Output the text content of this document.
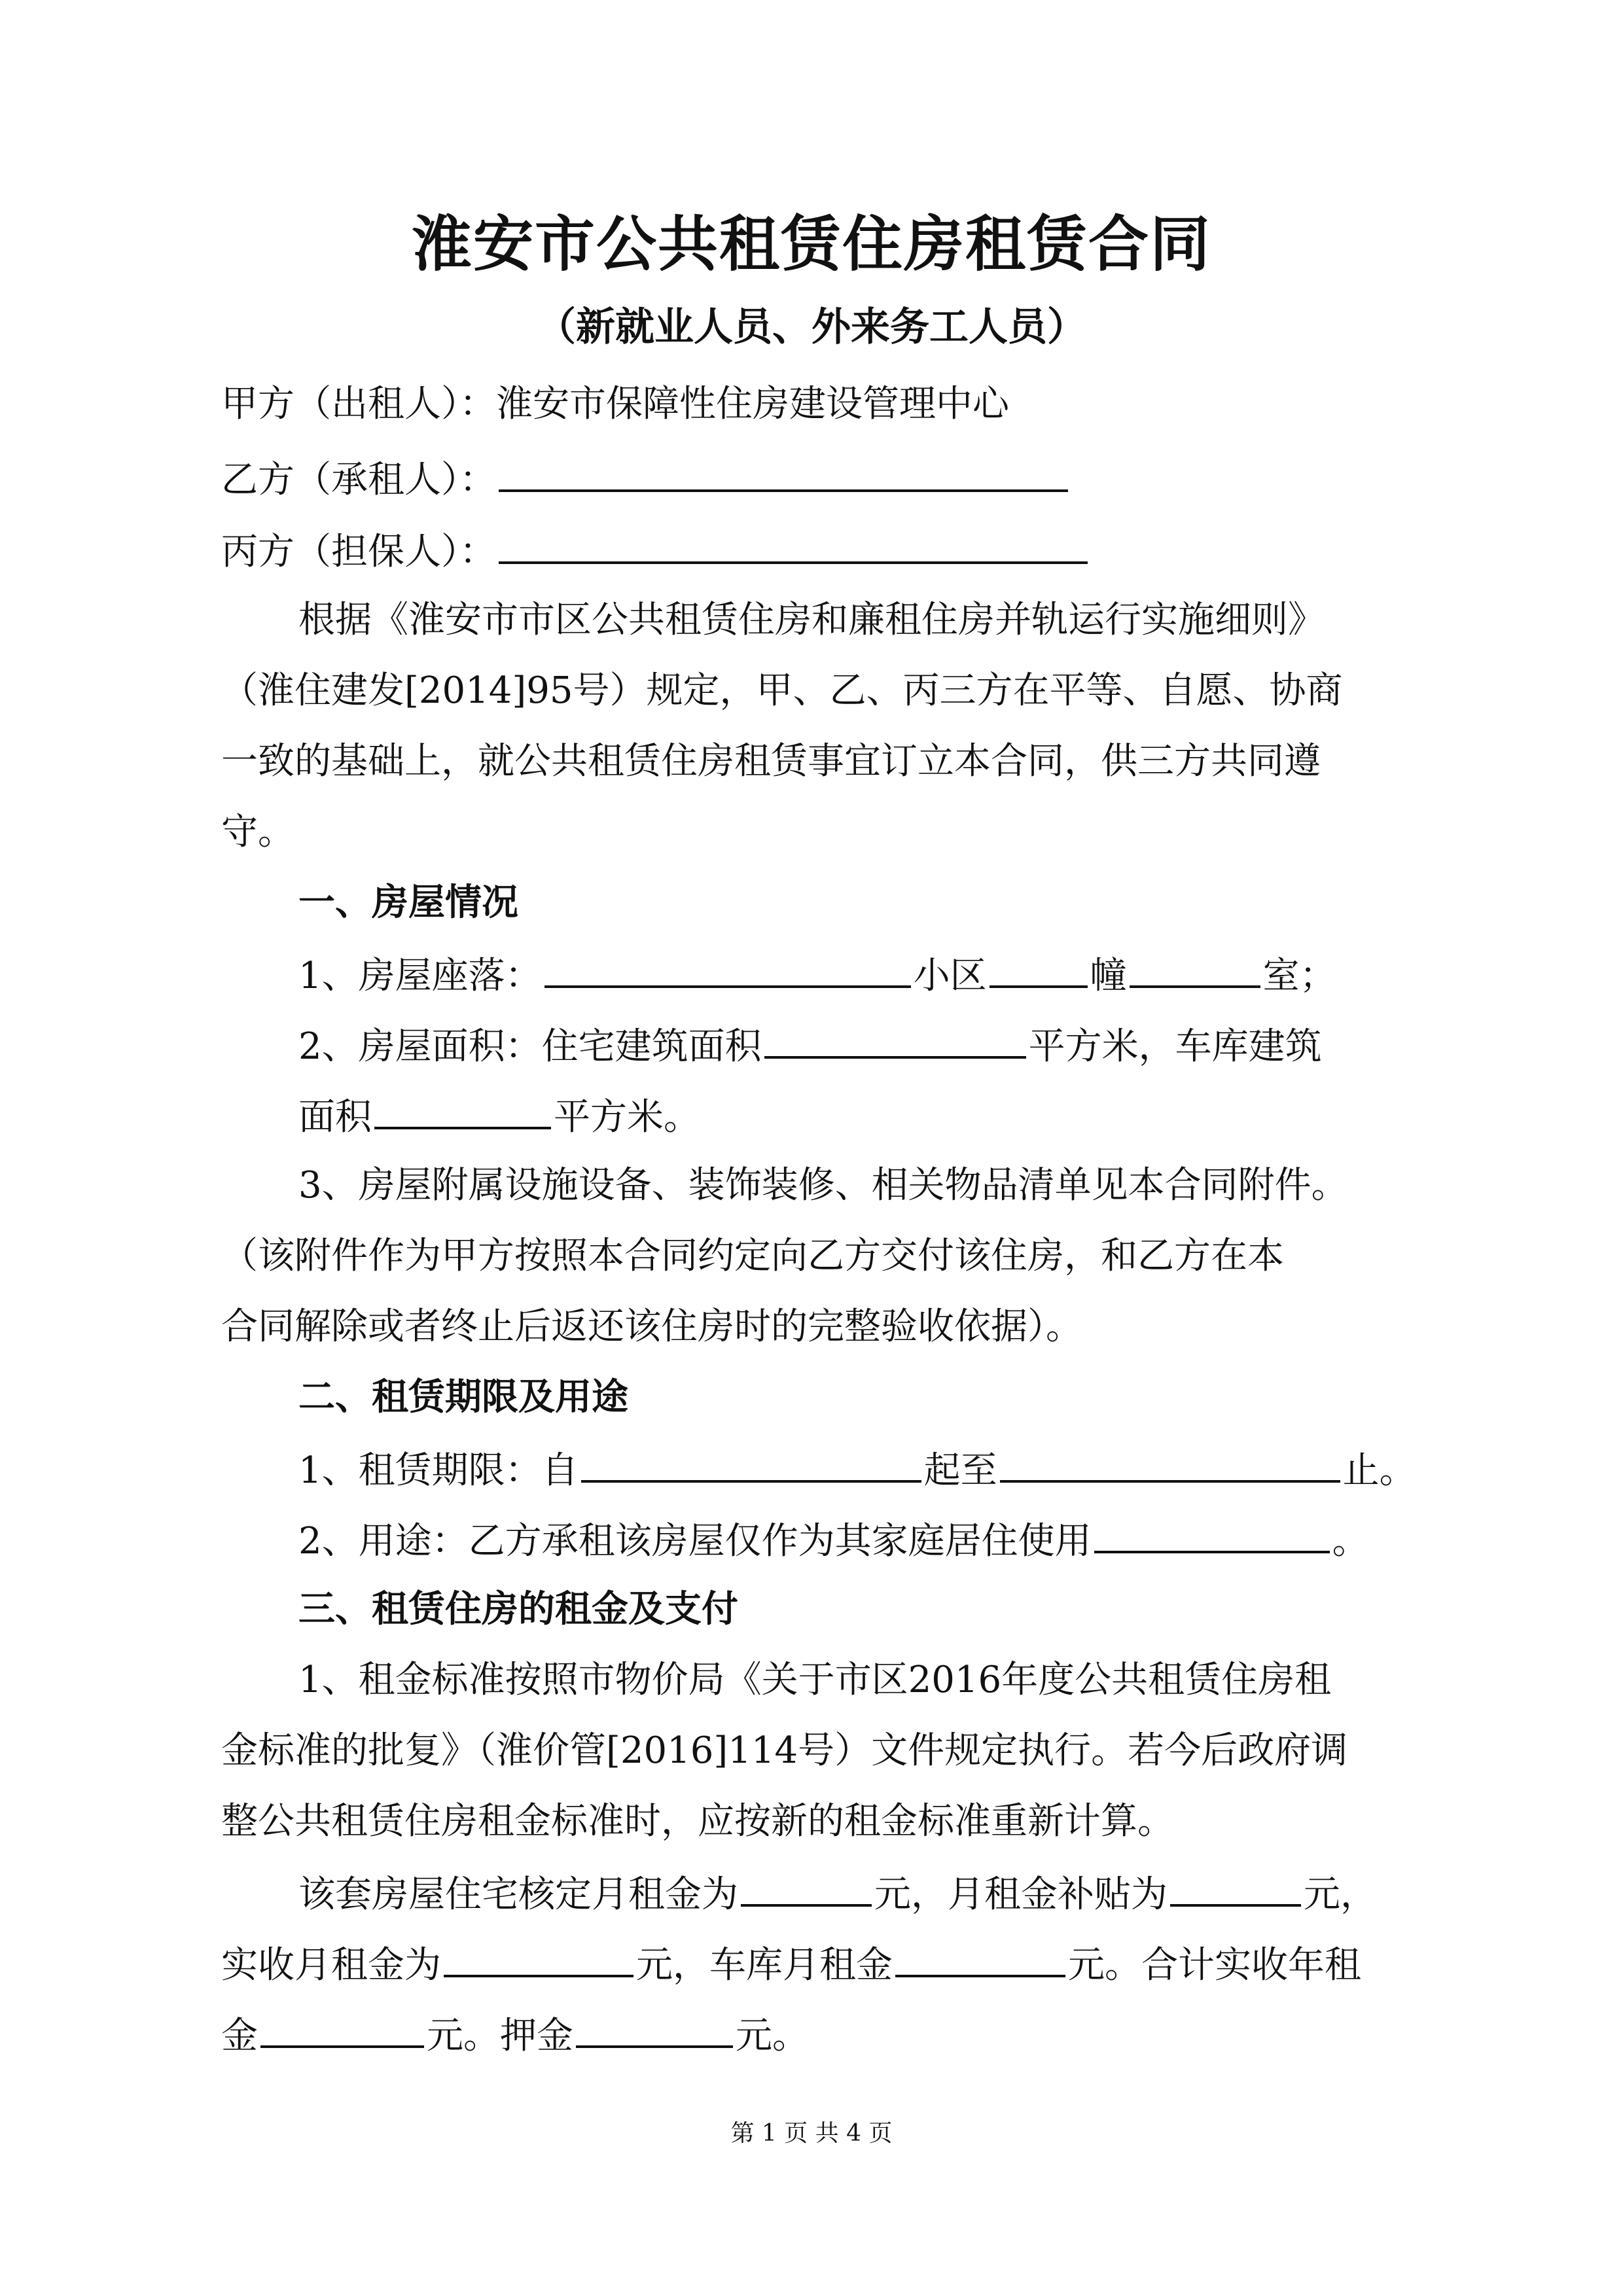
淮安市公共租赁住房租赁合同
（新就业人员、外来务工人员）
甲方（出租人）：淮安市保障性住房建设管理中心
乙方（承租人）：
丙方（担保人）：
根据《淮安市市区公共租赁住房和廉租住房并轨运行实施细则》
（淮住建发[2014]95号）规定，甲、乙、丙三方在平等、自愿、协商
一致的基础上，就公共租赁住房租赁事宜订立本合同，供三方共同遵
守。
一、房屋情况
1、房屋座落：	小区	幢	室；
2、房屋面积：住宅建筑面积	平方米，车库建筑
面积	平方米。
3、房屋附属设施设备、装饰装修、相关物品清单见本合同附件。
（该附件作为甲方按照本合同约定向乙方交付该住房，和乙方在本
合同解除或者终止后返还该住房时的完整验收依据）。
二、租赁期限及用途
1、租赁期限：自	起至	止。
2、用途：乙方承租该房屋仅作为其家庭居住使用	。
三、租赁住房的租金及支付
1、租金标准按照市物价局《关于市区2016年度公共租赁住房租
金标准的批复》（淮价管[2016]114号）文件规定执行。若今后政府调
整公共租赁住房租金标准时，应按新的租金标准重新计算。
该套房屋住宅核定月租金为	元，月租金补贴为	元，
实收月租金为	元，车库月租金	元。合计实收年租
金	元。押金	元。
第 1 页 共 4 页
